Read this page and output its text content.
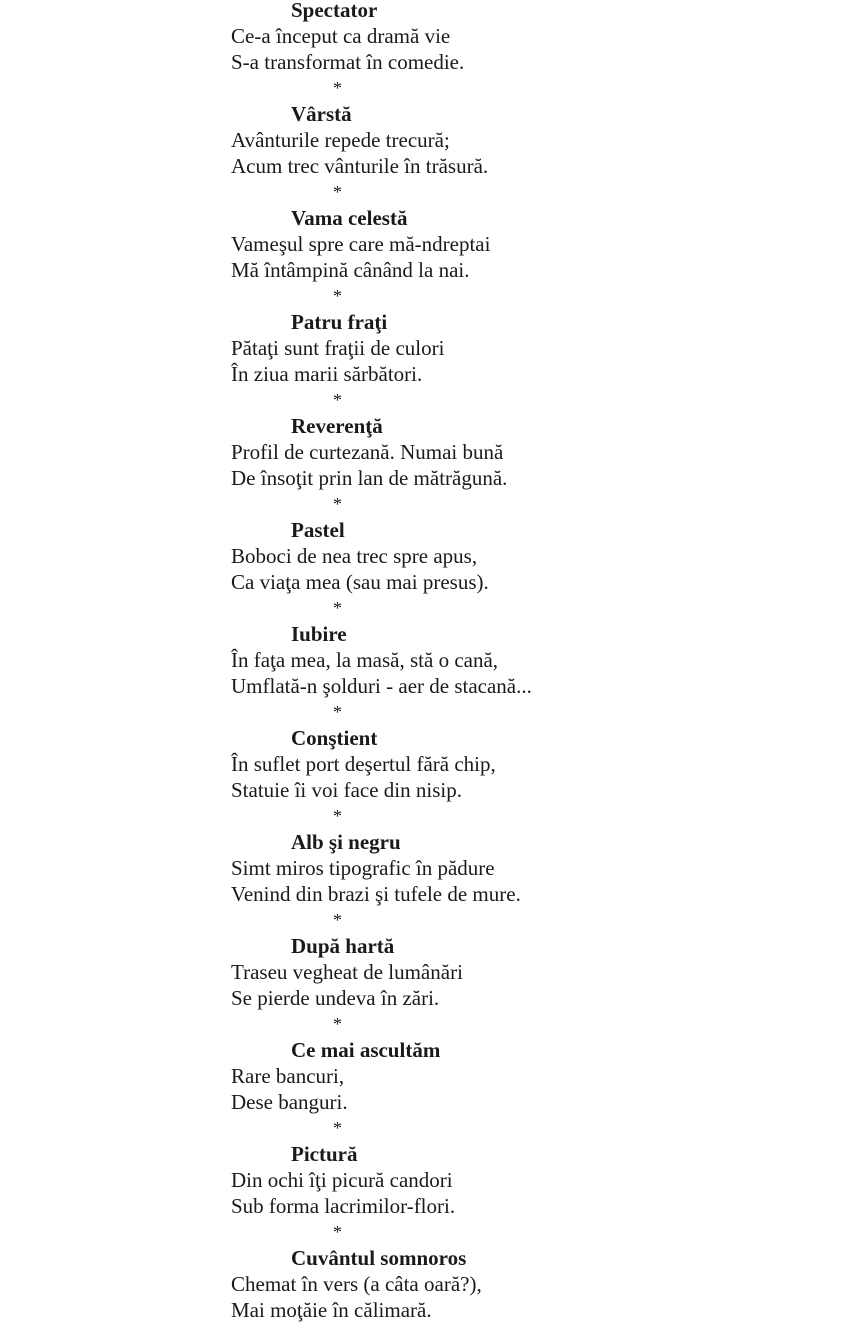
Spectator
Ce-a început ca dramă vie
S-a transformat în comedie.
*
Vârstă
Avânturile repede trecură;
Acum trec vânturile în trăsură.
*
Vama celestă
Vameşul spre care mă-ndreptai
Mă întâmpină cânând la nai.
*
Patru fraţi
Pătaţi sunt fraţii de culori
În ziua marii sărbători.
*
Reverenţă
Profil de curtezană. Numai bună
De însoţit prin lan de mătrăgună.
*
Pastel
Boboci de nea trec spre apus,
Ca viaţa mea (sau mai presus).
*
Iubire
În faţa mea, la masă, stă o cană,
Umflată-n şolduri - aer de stacană...
*
Conştient
În suflet port deşertul fără chip,
Statuie îi voi face din nisip.
*
Alb şi negru
Simt miros tipografic în pădure
Venind din brazi şi tufele de mure.
*
După hartă
Traseu vegheat de lumânări
Se pierde undeva în zări.
*
Ce mai ascultăm
Rare bancuri,
Dese banguri.
*
Pictură
Din ochi îţi picură candori
Sub forma lacrimilor-flori.
*
Cuvântul somnoros
Chemat în vers (a câta oară?),
Mai moţăie în călimară.
